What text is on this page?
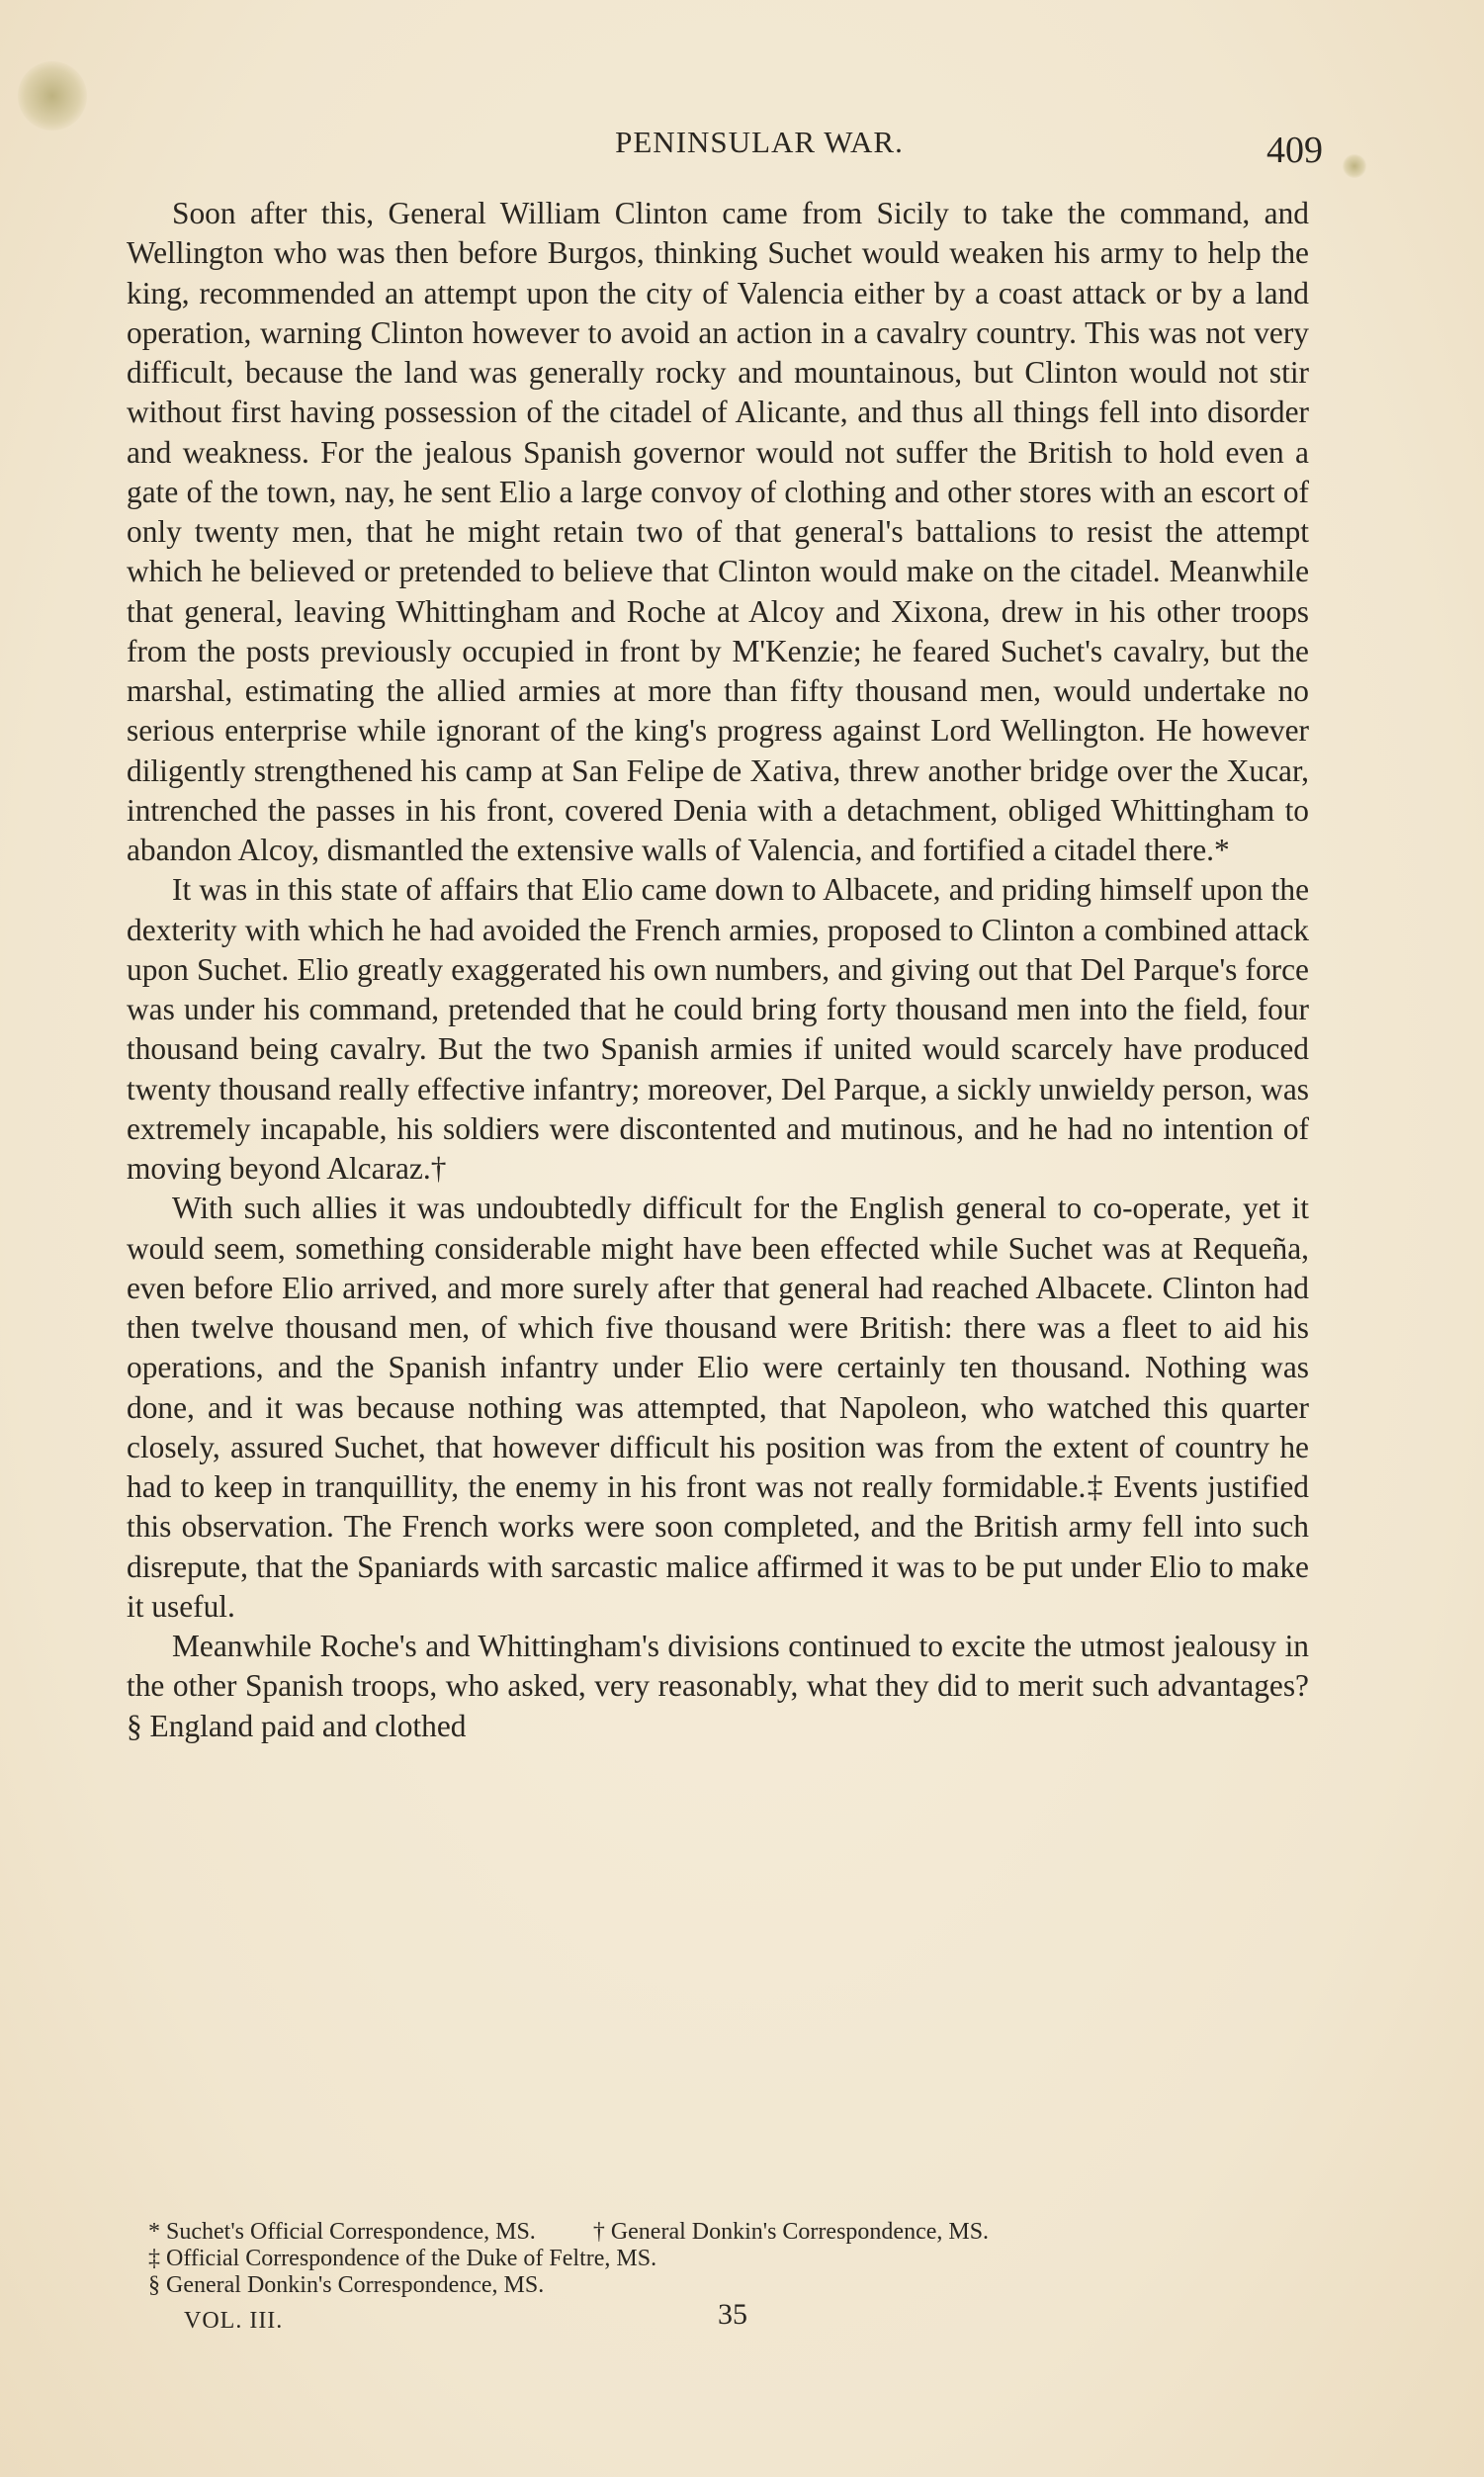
PENINSULAR WAR.	409

Soon after this, General William Clinton came from Sicily to take the command, and Wellington who was then before Burgos, thinking Suchet would weaken his army to help the king, recommended an attempt upon the city of Valencia either by a coast attack or by a land operation, warning Clinton however to avoid an action in a cavalry country. This was not very difficult, because the land was generally rocky and mountainous, but Clinton would not stir without first having possession of the citadel of Alicante, and thus all things fell into disorder and weakness. For the jealous Spanish governor would not suffer the British to hold even a gate of the town, nay, he sent Elio a large convoy of clothing and other stores with an escort of only twenty men, that he might retain two of that general's battalions to resist the attempt which he believed or pretended to believe that Clinton would make on the citadel. Meanwhile that general, leaving Whittingham and Roche at Alcoy and Xixona, drew in his other troops from the posts previously occupied in front by M'Kenzie; he feared Suchet's cavalry, but the marshal, estimating the allied armies at more than fifty thousand men, would undertake no serious enterprise while ignorant of the king's progress against Lord Wellington. He however diligently strengthened his camp at San Felipe de Xativa, threw another bridge over the Xucar, intrenched the passes in his front, covered Denia with a detachment, obliged Whittingham to abandon Alcoy, dismantled the extensive walls of Valencia, and fortified a citadel there.*

It was in this state of affairs that Elio came down to Albacete, and priding himself upon the dexterity with which he had avoided the French armies, proposed to Clinton a combined attack upon Suchet. Elio greatly exaggerated his own numbers, and giving out that Del Parque's force was under his command, pretended that he could bring forty thousand men into the field, four thousand being cavalry. But the two Spanish armies if united would scarcely have produced twenty thousand really effective infantry; moreover, Del Parque, a sickly unwieldy person, was extremely incapable, his soldiers were discontented and mutinous, and he had no intention of moving beyond Alcaraz.†

With such allies it was undoubtedly difficult for the English general to co-operate, yet it would seem, something considerable might have been effected while Suchet was at Requeña, even before Elio arrived, and more surely after that general had reached Albacete. Clinton had then twelve thousand men, of which five thousand were British: there was a fleet to aid his operations, and the Spanish infantry under Elio were certainly ten thousand. Nothing was done, and it was because nothing was attempted, that Napoleon, who watched this quarter closely, assured Suchet, that however difficult his position was from the extent of country he had to keep in tranquillity, the enemy in his front was not really formidable.‡ Events justified this observation. The French works were soon completed, and the British army fell into such disrepute, that the Spaniards with sarcastic malice affirmed it was to be put under Elio to make it useful.

Meanwhile Roche's and Whittingham's divisions continued to excite the utmost jealousy in the other Spanish troops, who asked, very reasonably, what they did to merit such advantages?§ England paid and clothed

* Suchet's Official Correspondence, MS. † General Donkin's Correspondence, MS.
‡ Official Correspondence of the Duke of Feltre, MS.
§ General Donkin's Correspondence, MS.
VOL. III.	35
